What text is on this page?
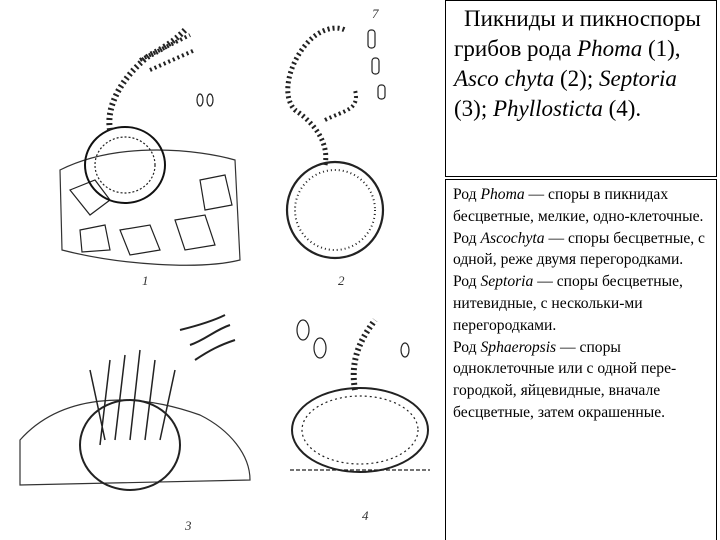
1	2
3
4
7	Пикниды и пикноспоры грибов рода Phoma (1), Asco chyta (2); Septoria (3); Phyllosticta (4).

Род Phoma — споры в пикнидах бесцветные, мелкие, одно-клеточные.

Род Ascochyta — споры бесцветные, с одной, реже двумя перегородками.

Род Septoria — споры бесцветные, нитевидные, с нескольки-ми перегородками.

Род Sphaeropsis — споры одноклеточные или с одной пере-городкой, яйцевидные, вначале бесцветные, затем окрашенные.
